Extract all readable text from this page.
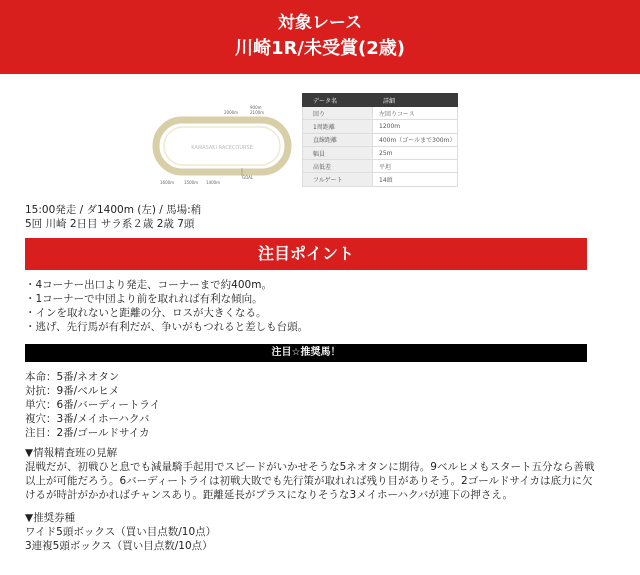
対象レース
川崎1R/未受賞(2歳)
KAWASAKI RACECOURSE
2000m
900m
2100m
1600m 1500m 1400m
GOAL
データ名	詳細
回り	左回りコース
1周距離	1200m
直線距離	400m（ゴールまで300m）
幅員	25m
高低差	平坦
フルゲート	14頭
15:00発走 / ダ1400m (左) / 馬場:稍
5回 川崎 2日目 サラ系２歳 2歳 7頭
注目ポイント
・4コーナー出口より発走、コーナーまで約400m。
・1コーナーで中団より前を取れれば有利な傾向。
・インを取れないと距離の分、ロスが大きくなる。
・逃げ、先行馬が有利だが、争いがもつれると差しも台頭。
注目☆推奨馬！
本命：5番/ネオタン
対抗：9番/ベルヒメ
単穴：6番/バーディートライ
複穴：3番/メイホーハクバ
注目：2番/ゴールドサイカ
▼情報精査班の見解

混戦だが、初戦ひと息でも減量騎手起用でスピードがいかせそうな5ネオタンに期待。9ベルヒメもスタート五分なら善戦以上が可能だろう。6バーディートライは初戦大敗でも先行策が取れれば残り目がありそう。2ゴールドサイカは底力に欠けるが時計がかかればチャンスあり。距離延長がプラスになりそうな3メイホーハクバが連下の押さえ。

▼推奨券種
ワイド5頭ボックス（買い目点数/10点）
3連複5頭ボックス（買い目点数/10点）
